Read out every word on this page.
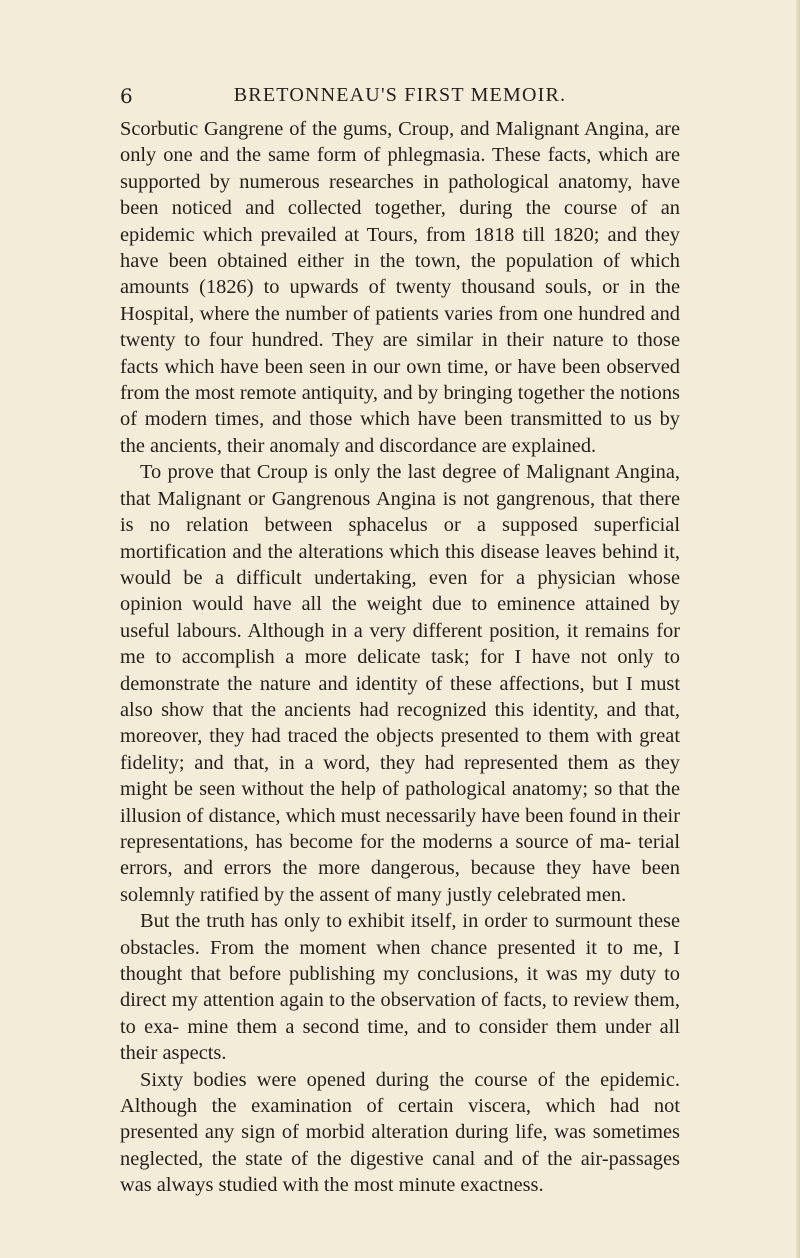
6	BRETONNEAU'S FIRST MEMOIR.

Scorbutic Gangrene of the gums, Croup, and Malignant Angina, are only one and the same form of phlegmasia. These facts, which are supported by numerous researches in pathological anatomy, have been noticed and collected together, during the course of an epidemic which prevailed at Tours, from 1818 till 1820; and they have been obtained either in the town, the population of which amounts (1826) to upwards of twenty thousand souls, or in the Hospital, where the number of patients varies from one hundred and twenty to four hundred. They are similar in their nature to those facts which have been seen in our own time, or have been observed from the most remote antiquity, and by bringing together the notions of modern times, and those which have been transmitted to us by the ancients, their anomaly and discordance are explained.

To prove that Croup is only the last degree of Malignant Angina, that Malignant or Gangrenous Angina is not gangrenous, that there is no relation between sphacelus or a supposed superficial mortification and the alterations which this disease leaves behind it, would be a difficult undertaking, even for a physician whose opinion would have all the weight due to eminence attained by useful labours. Although in a very different position, it remains for me to accomplish a more delicate task; for I have not only to demonstrate the nature and identity of these affections, but I must also show that the ancients had recognized this identity, and that, moreover, they had traced the objects presented to them with great fidelity; and that, in a word, they had represented them as they might be seen without the help of pathological anatomy; so that the illusion of distance, which must necessarily have been found in their representations, has become for the moderns a source of ma- terial errors, and errors the more dangerous, because they have been solemnly ratified by the assent of many justly celebrated men.

But the truth has only to exhibit itself, in order to surmount these obstacles. From the moment when chance presented it to me, I thought that before publishing my conclusions, it was my duty to direct my attention again to the observation of facts, to review them, to exa- mine them a second time, and to consider them under all their aspects.

Sixty bodies were opened during the course of the epidemic. Although the examination of certain viscera, which had not presented any sign of morbid alteration during life, was sometimes neglected, the state of the digestive canal and of the air-passages was always studied with the most minute exactness.
